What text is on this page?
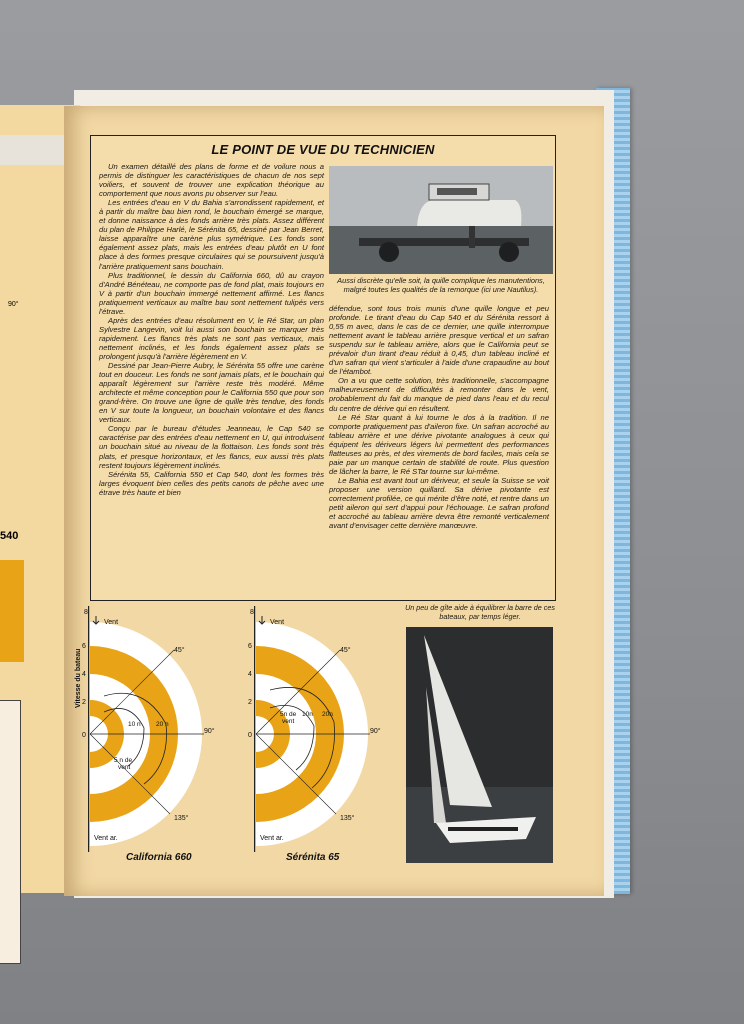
90°
540
LE POINT DE VUE DU TECHNICIEN

Un examen détaillé des plans de forme et de voilure nous a permis de distinguer les caractéristiques de chacun de nos sept voiliers, et souvent de trouver une explication théorique au comportement que nous avons pu observer sur l'eau.

Les entrées d'eau en V du Bahia s'arrondissent rapidement, et à partir du maître bau bien rond, le bouchain émergé se marque, et donne naissance à des fonds arrière très plats. Assez différent du plan de Philippe Harlé, le Sérénita 65, dessiné par Jean Berret, laisse apparaître une carène plus symétrique. Les fonds sont également assez plats, mais les entrées d'eau plutôt en U font place à des formes presque circulaires qui se poursuivent jusqu'à l'arrière pratiquement sans bouchain.

Plus traditionnel, le dessin du California 660, dû au crayon d'André Bénéteau, ne comporte pas de fond plat, mais toujours en V à partir d'un bouchain immergé nettement affirmé. Les flancs pratiquement verticaux au maître bau sont nettement tulipés vers l'étrave.

Après des entrées d'eau résolument en V, le Ré Star, un plan Sylvestre Langevin, voit lui aussi son bouchain se marquer très rapidement. Les flancs très plats ne sont pas verticaux, mais nettement inclinés, et les fonds également assez plats se prolongent jusqu'à l'arrière légèrement en V.

Dessiné par Jean-Pierre Aubry, le Sérénita 55 offre une carène tout en douceur. Les fonds ne sont jamais plats, et le bouchain qui apparaît légèrement sur l'arrière reste très modéré. Même architecte et même conception pour le California 550 que pour son grand-frère. On trouve une ligne de quille très tendue, des fonds en V sur toute la longueur, un bouchain volontaire et des flancs verticaux.

Conçu par le bureau d'études Jeanneau, le Cap 540 se caractérise par des entrées d'eau nettement en U, qui introduisent un bouchain situé au niveau de la flottaison. Les fonds sont très plats, et presque horizontaux, et les flancs, eux aussi très plats restent toujours légèrement inclinés.

Sérénita 55, California 550 et Cap 540, dont les formes très larges évoquent bien celles des petits canots de pêche avec une étrave très haute et bien

Aussi discrète qu'elle soit, la quille complique les manutentions, malgré toutes les qualités de la remorque (ici une Nautilus).

défendue, sont tous trois munis d'une quille longue et peu profonde. Le tirant d'eau du Cap 540 et du Sérénita ressort à 0,55 m avec, dans le cas de ce dernier, une quille interrompue nettement avant le tableau arrière presque vertical et un safran suspendu sur le tableau arrière, alors que le California peut se prévaloir d'un tirant d'eau réduit à 0,45, d'un tableau incliné et d'un safran qui vient s'articuler à l'aide d'une crapaudine au bout de l'étambot.

On a vu que cette solution, très traditionnelle, s'accompagne malheureusement de difficultés à remonter dans le vent, probablement du fait du manque de pied dans l'eau et du recul du centre de dérive qui en résultent.

Le Ré Star quant à lui tourne le dos à la tradition. Il ne comporte pratiquement pas d'aileron fixe. Un safran accroché au tableau arrière et une dérive pivotante analogues à ceux qui équipent les dériveurs légers lui permettent des performances flatteuses au près, et des virements de bord faciles, mais cela se paie par un manque certain de stabilité de route. Plus question de lâcher la barre, le Ré STar tourne sur lui-même.

Le Bahia est avant tout un dériveur, et seule la Suisse se voit proposer une version quillard. Sa dérive pivotante est correctement profilée, ce qui mérite d'être noté, et rentre dans un petit aileron qui sert d'appui pour l'échouage. Le safran profond et accroché au tableau arrière devra être remonté verticalement avant d'envisager cette dernière manœuvre.

Vent
45°
90°
135°
5 n de
vent
10 n 20 n
Vent ar.
8
6
4
2
0
Vitesse du bateau
California 660
Vent
45°
90°
135°
5n de
vent
10n 20n
Vent ar.
8
6
4
2
0
Sérénita 65
Un peu de gîte aide à équilibrer la barre de ces bateaux, par temps léger.
